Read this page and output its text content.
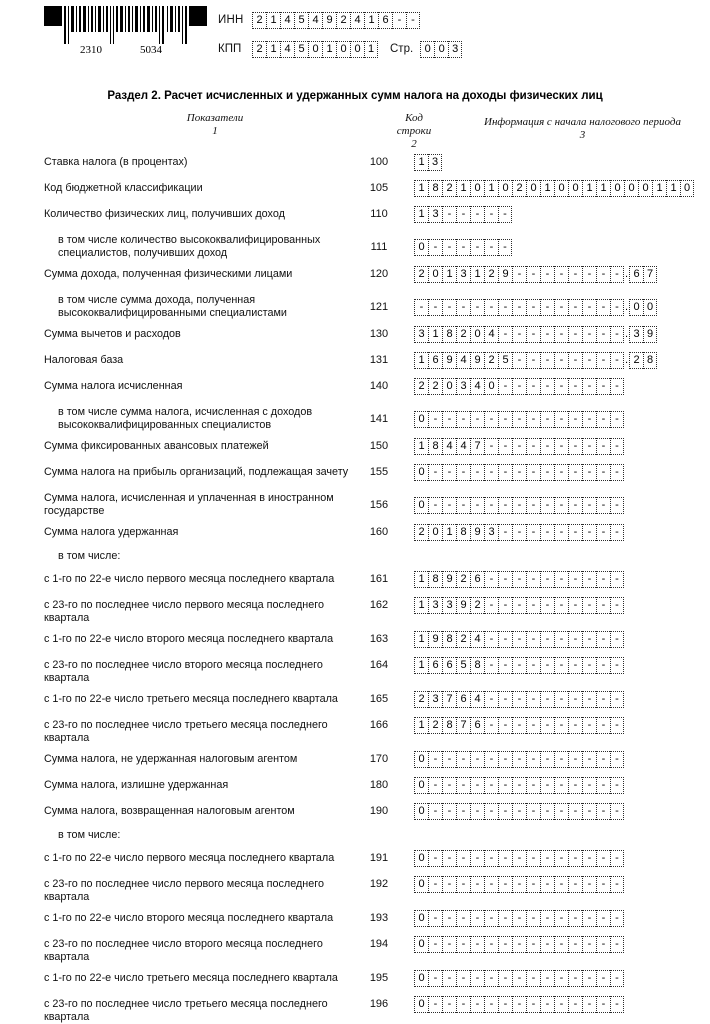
2310	5034
ИНН	2 1 4 5 4 9 2 4 1 6 - -
КПП	2 1 4 5 0 1 0 0 1	Стр.	0 0 3
Раздел 2. Расчет исчисленных и удержанных сумм налога на доходы физических лиц
Показатели
1
Код
строки
2
Информация с начала налогового периода
3
Ставка налога (в процентах)	100	1 3
Код бюджетной классификации	105	1 8 2 1 0 1 0 2 0 1 0 0 1 1 0 0 0 1 1 0
Количество физических лиц, получивших доход	110	1 3 - - - - -
в том числе количество высококвалифицированных специалистов, получивших доход	111	0 - - - - - -
Сумма дохода, полученная физическими лицами	120	2 0 1 3 1 2 9 - - - - - - - - . 6 7
в том числе сумма дохода, полученная высококвалифицированными специалистами	121	- - - - - - - - - - - - - - - . 0 0
Сумма вычетов и расходов	130	3 1 8 2 0 4 - - - - - - - - - . 3 9
Налоговая база	131	1 6 9 4 9 2 5 - - - - - - - - . 2 8
Сумма налога исчисленная	140	2 2 0 3 4 0 - - - - - - - - -
в том числе сумма налога, исчисленная с доходов высококвалифицированных специалистов	141	0 - - - - - - - - - - - - - -
Сумма фиксированных авансовых платежей	150	1 8 4 4 7 - - - - - - - - - -
Сумма налога на прибыль организаций, подлежащая зачету	155	0 - - - - - - - - - - - - - -
Сумма налога, исчисленная и уплаченная в иностранном государстве	156	0 - - - - - - - - - - - - - -
Сумма налога удержанная	160	2 0 1 8 9 3 - - - - - - - - -
в том числе:
с 1-го по 22-е число первого месяца последнего квартала	161	1 8 9 2 6 - - - - - - - - - -
с 23-го по последнее число первого месяца последнего квартала
162	1 3 3 9 2 - - - - - - - - - -
с 1-го по 22-е число второго месяца последнего квартала	163	1 9 8 2 4 - - - - - - - - - -
с 23-го по последнее число второго месяца последнего квартала
164	1 6 6 5 8 - - - - - - - - - -
с 1-го по 22-е число третьего месяца последнего квартала	165	2 3 7 6 4 - - - - - - - - - -
с 23-го по последнее число третьего месяца последнего квартала
166	1 2 8 7 6 - - - - - - - - - -
Сумма налога, не удержанная налоговым агентом	170	0 - - - - - - - - - - - - - -
Сумма налога, излишне удержанная	180	0 - - - - - - - - - - - - - -
Сумма налога, возвращенная налоговым агентом	190	0 - - - - - - - - - - - - - -
в том числе:
с 1-го по 22-е число первого месяца последнего квартала	191	0 - - - - - - - - - - - - - -
с 23-го по последнее число первого месяца последнего квартала
192	0 - - - - - - - - - - - - - -
с 1-го по 22-е число второго месяца последнего квартала	193	0 - - - - - - - - - - - - - -
с 23-го по последнее число второго месяца последнего квартала
194	0 - - - - - - - - - - - - - -
с 1-го по 22-е число третьего месяца последнего квартала	195	0 - - - - - - - - - - - - - -
с 23-го по последнее число третьего месяца последнего квартала
196	0 - - - - - - - - - - - - - -
